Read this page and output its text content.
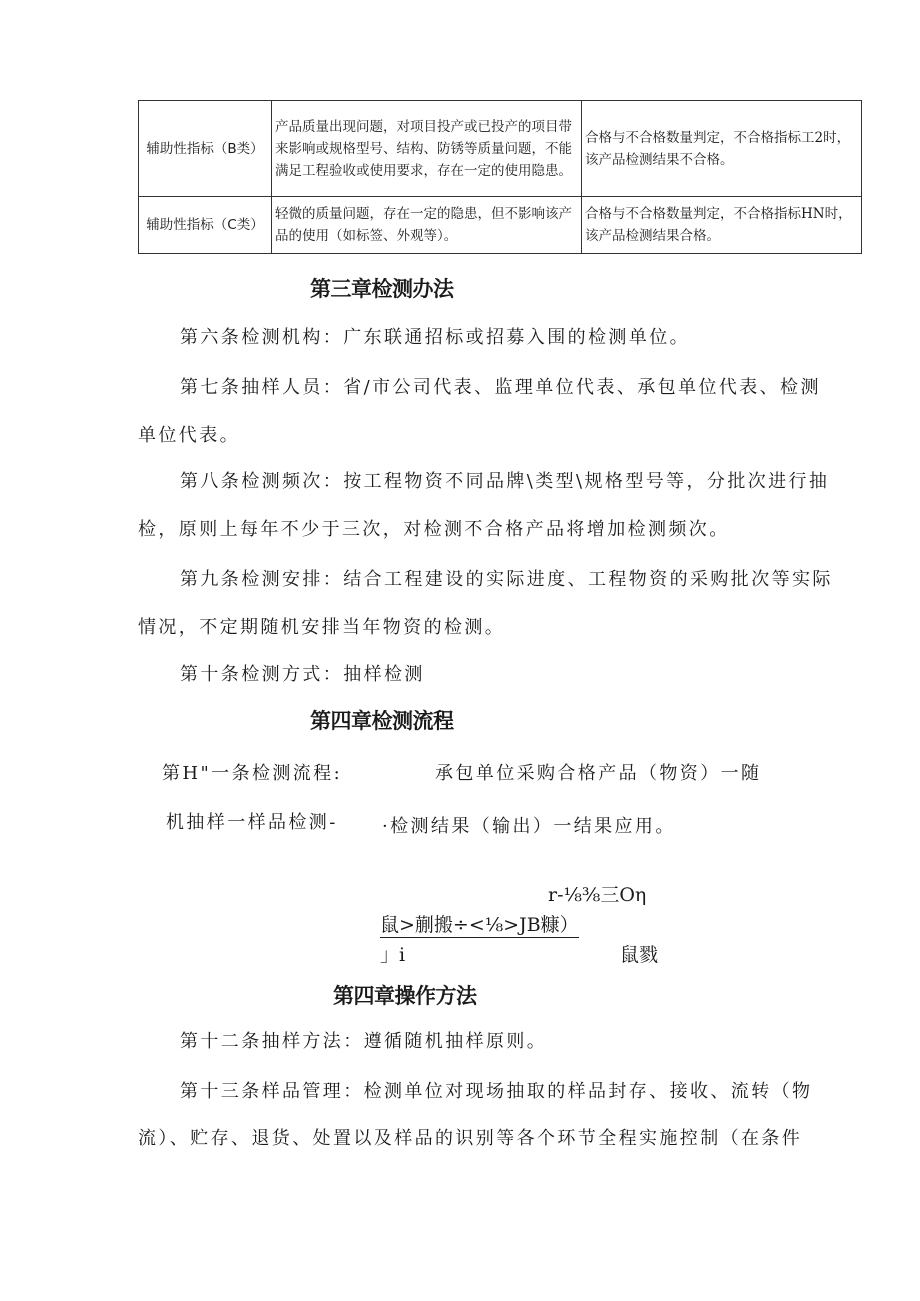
辅助性指标（B类）	产品质量出现问题，对项目投产或已投产的项目带来影响或规格型号、结构、防锈等质量问题，不能满足工程验收或使用要求，存在一定的使用隐患。	合格与不合格数量判定，不合格指标工2时，该产品检测结果不合格。
辅助性指标（C类）	轻微的质量问题，存在一定的隐患，但不影响该产品的使用（如标签、外观等）。	合格与不合格数量判定，不合格指标HN时，该产品检测结果合格。
第三章检测办法
第六条检测机构：广东联通招标或招募入围的检测单位。
第七条抽样人员：省/市公司代表、监理单位代表、承包单位代表、检测
单位代表。
第八条检测频次：按工程物资不同品牌\类型\规格型号等，分批次进行抽
检，原则上每年不少于三次，对检测不合格产品将增加检测频次。
第九条检测安排：结合工程建设的实际进度、工程物资的采购批次等实际
情况，不定期随机安排当年物资的检测。
第十条检测方式：抽样检测
第四章检测流程
第H"一条检测流程:	承包单位采购合格产品（物资）一随
机抽样一样品检测- ·检测结果（输出）一结果应用。
r-⅛⅜三Oη
鼠>蒯搬÷<⅛>JB糠）
」i	鼠戮
第四章操作方法
第十二条抽样方法：遵循随机抽样原则。
第十三条样品管理：检测单位对现场抽取的样品封存、接收、流转（物
流）、贮存、退货、处置以及样品的识别等各个环节全程实施控制（在条件
